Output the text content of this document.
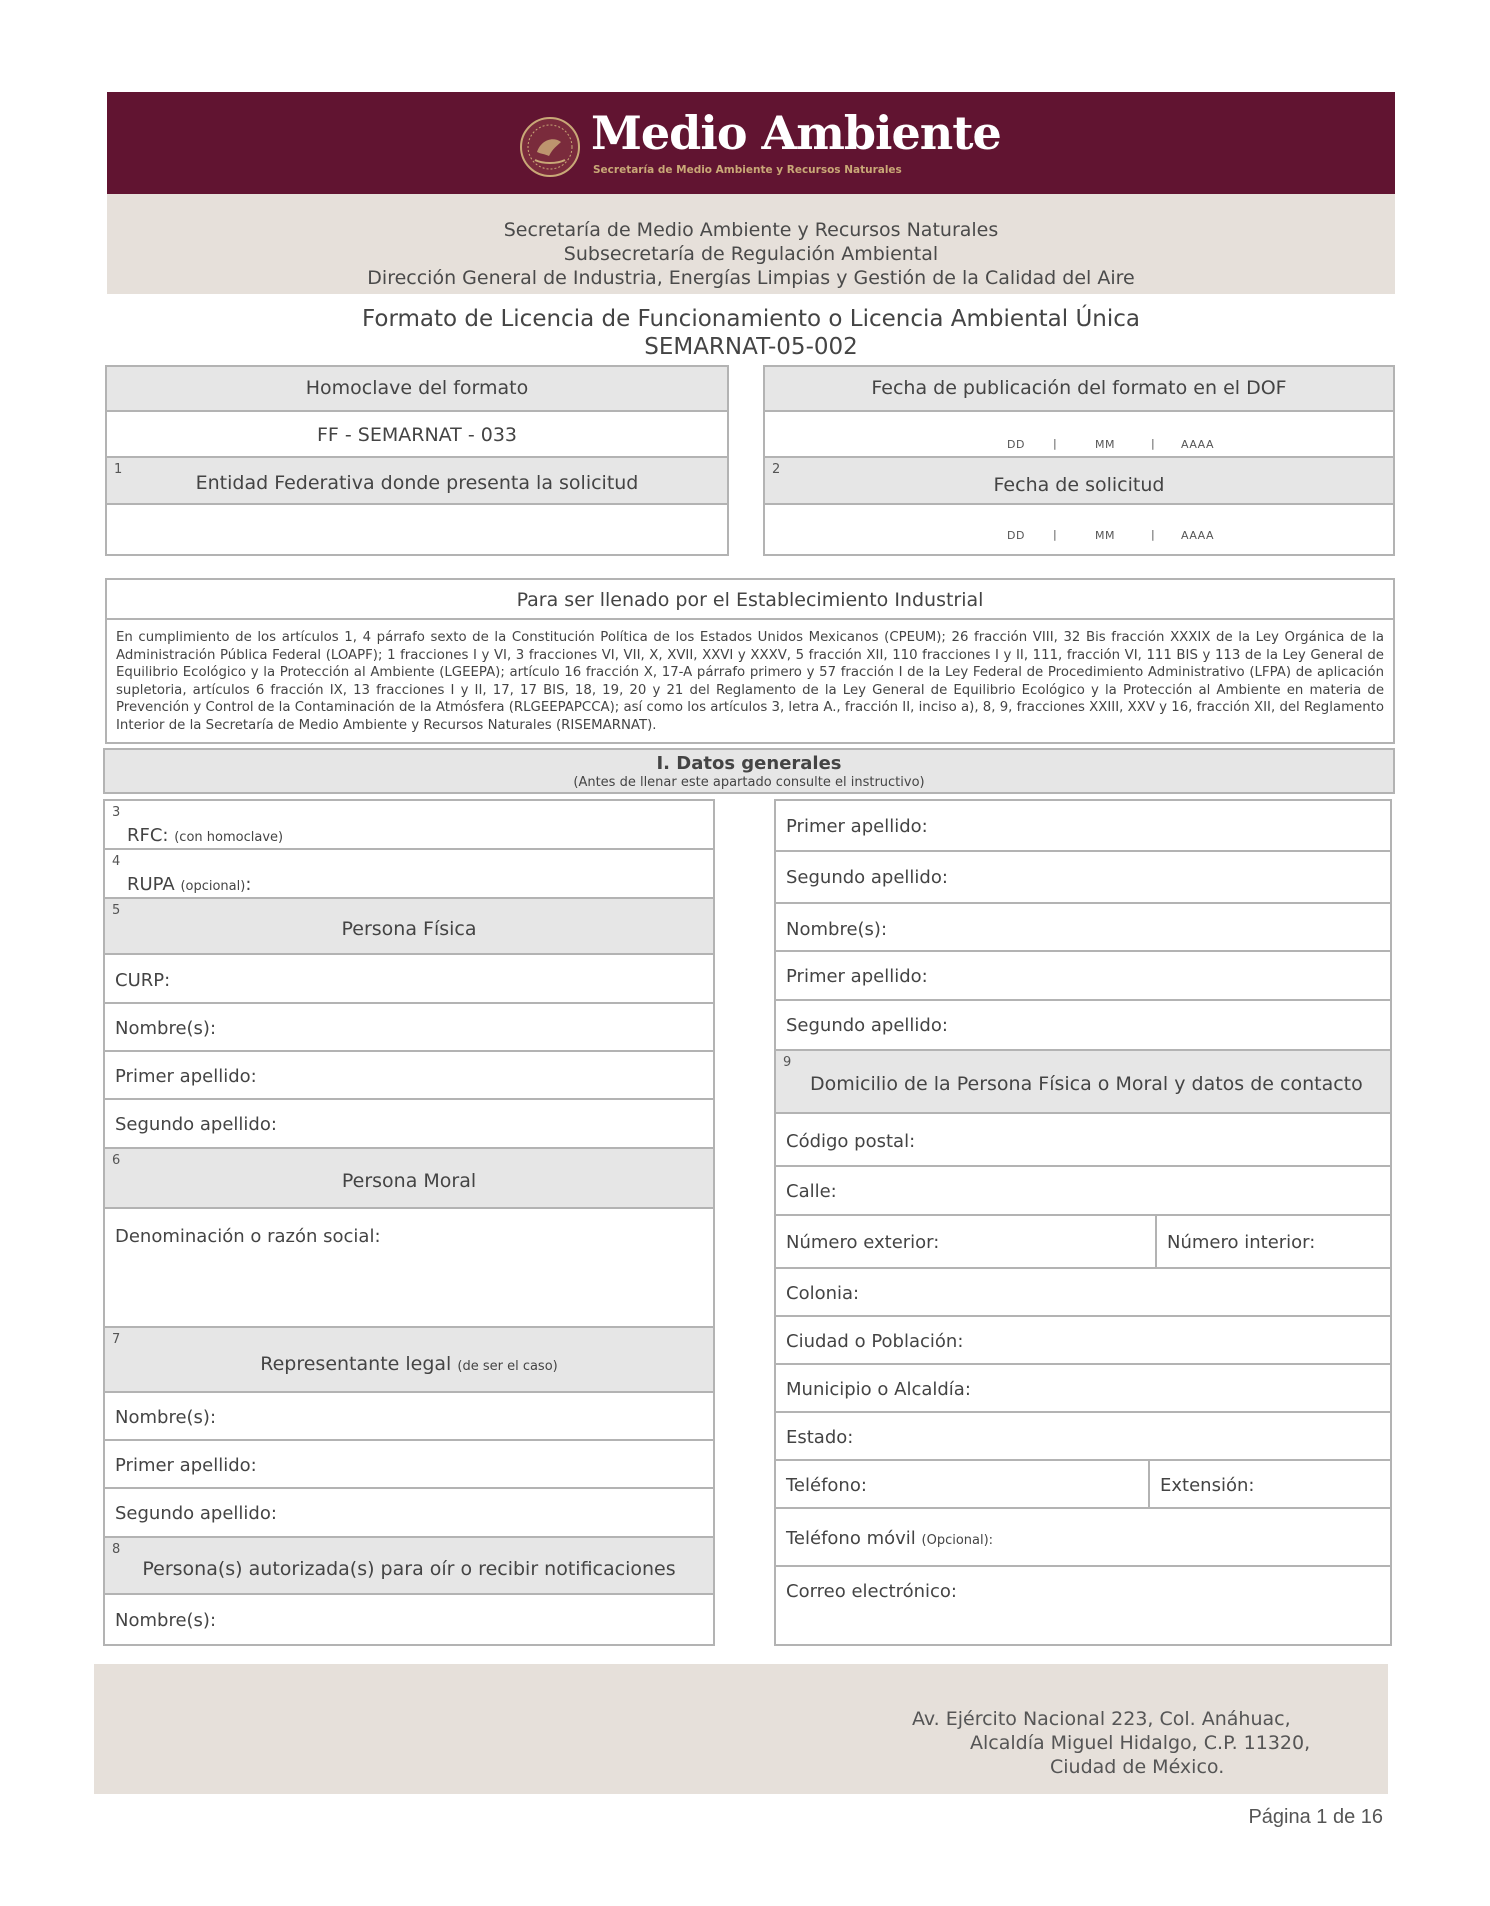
Medio Ambiente
Secretaría de Medio Ambiente y Recursos Naturales
Secretaría de Medio Ambiente y Recursos Naturales
Subsecretaría de Regulación Ambiental
Dirección General de Industria, Energías Limpias y Gestión de la Calidad del Aire
Formato de Licencia de Funcionamiento o Licencia Ambiental Única
SEMARNAT-05-002
Homoclave del formato
FF - SEMARNAT - 033
1
Entidad Federativa donde presenta la solicitud
Fecha de publicación del formato en el DOF
DD	|	MM	| AAAA
2
Fecha de solicitud
DD	|	MM	| AAAA
Para ser llenado por el Establecimiento Industrial
En cumplimiento de los artículos 1, 4 párrafo sexto de la Constitución Política de los Estados Unidos Mexicanos (CPEUM); 26 fracción VIII, 32 Bis fracción XXXIX de la Ley Orgánica de la Administración Pública Federal (LOAPF); 1 fracciones I y VI, 3 fracciones VI, VII, X, XVII, XXVI y XXXV, 5 fracción XII, 110 fracciones I y II, 111, fracción VI, 111 BIS y 113 de la Ley General de Equilibrio Ecológico y la Protección al Ambiente (LGEEPA); artículo 16 fracción X, 17-A párrafo primero y 57 fracción I de la Ley Federal de Procedimiento Administrativo (LFPA) de aplicación supletoria, artículos 6 fracción IX, 13 fracciones I y II, 17, 17 BIS, 18, 19, 20 y 21 del Reglamento de la Ley General de Equilibrio Ecológico y la Protección al Ambiente en materia de Prevención y Control de la Contaminación de la Atmósfera (RLGEEPAPCCA); así como los artículos 3, letra A., fracción II, inciso a), 8, 9, fracciones XXIII, XXV y 16, fracción XII, del Reglamento Interior de la Secretaría de Medio Ambiente y Recursos Naturales (RISEMARNAT).
I. Datos generales
(Antes de llenar este apartado consulte el instructivo)
3
RFC: (con homoclave)
4
RUPA (opcional):
5
Persona Física
CURP:
Nombre(s):
Primer apellido:
Segundo apellido:
6
Persona Moral
Denominación o razón social:
7
Representante legal (de ser el caso)
Nombre(s):
Primer apellido:
Segundo apellido:
8
Persona(s) autorizada(s) para oír o recibir notificaciones
Nombre(s):
Primer apellido:
Segundo apellido:
Nombre(s):
Primer apellido:
Segundo apellido:
9
Domicilio de la Persona Física o Moral y datos de contacto
Código postal:
Calle:
Número exterior:	Número interior:
Colonia:
Ciudad o Población:
Municipio o Alcaldía:
Estado:
Teléfono:	Extensión:
Teléfono móvil (Opcional):
Correo electrónico:
Av. Ejército Nacional 223, Col. Anáhuac,
Alcaldía Miguel Hidalgo, C.P. 11320,
Ciudad de México.
Página 1 de 16
